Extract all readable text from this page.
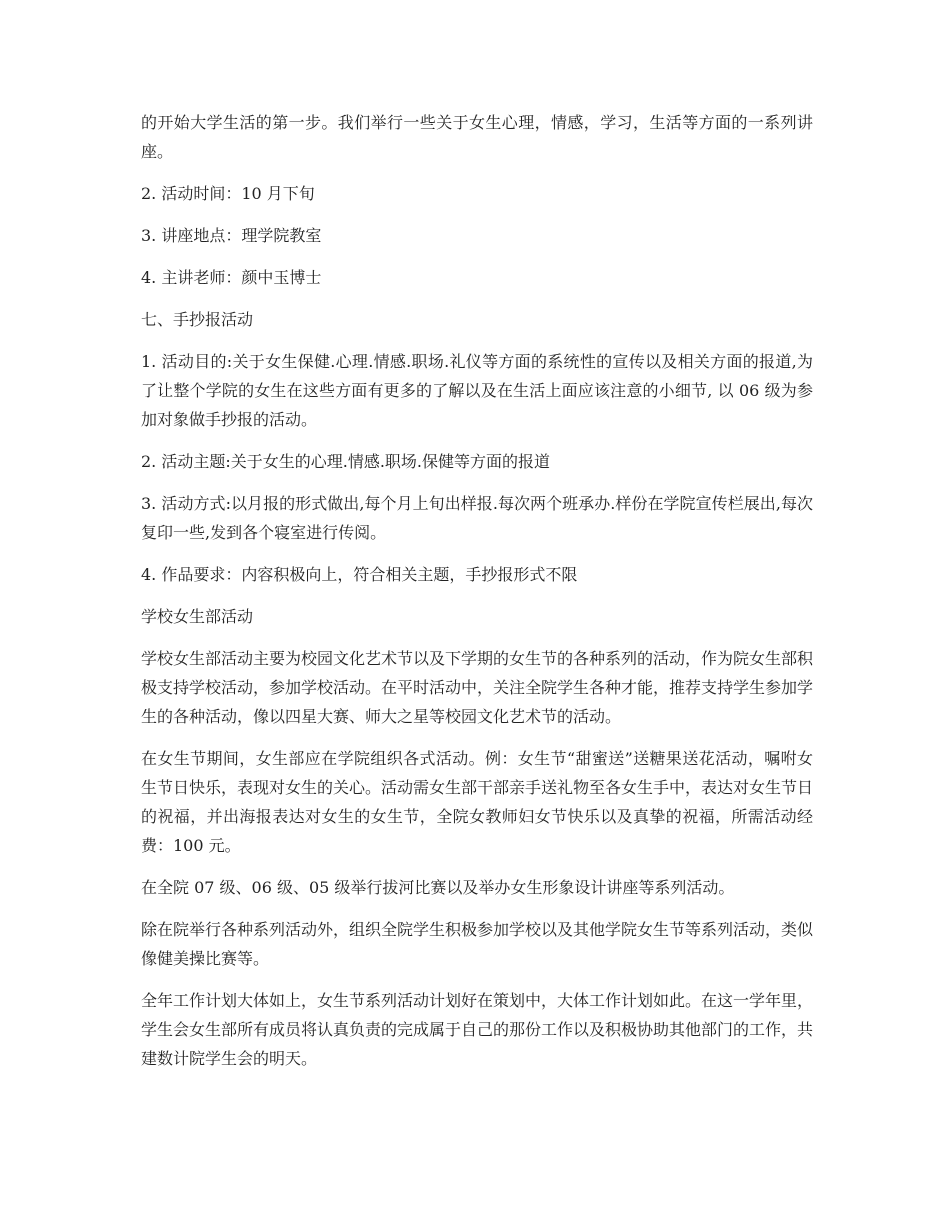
的开始大学生活的第一步。我们举行一些关于女生心理，情感，学习，生活等方面的一系列讲座。

2. 活动时间：10 月下旬

3. 讲座地点：理学院教室

4. 主讲老师：颜中玉博士

七、手抄报活动

1. 活动目的:关于女生保健.心理.情感.职场.礼仪等方面的系统性的宣传以及相关方面的报道,为了让整个学院的女生在这些方面有更多的了解以及在生活上面应该注意的小细节, 以 06 级为参加对象做手抄报的活动。

2. 活动主题:关于女生的心理.情感.职场.保健等方面的报道

3. 活动方式:以月报的形式做出,每个月上旬出样报.每次两个班承办.样份在学院宣传栏展出,每次复印一些,发到各个寝室进行传阅。

4. 作品要求：内容积极向上，符合相关主题，手抄报形式不限

学校女生部活动

学校女生部活动主要为校园文化艺术节以及下学期的女生节的各种系列的活动，作为院女生部积极支持学校活动，参加学校活动。在平时活动中，关注全院学生各种才能，推荐支持学生参加学生的各种活动，像以四星大赛、师大之星等校园文化艺术节的活动。

在女生节期间，女生部应在学院组织各式活动。例：女生节“甜蜜送”送糖果送花活动，嘱咐女生节日快乐，表现对女生的关心。活动需女生部干部亲手送礼物至各女生手中，表达对女生节日的祝福，并出海报表达对女生的女生节，全院女教师妇女节快乐以及真挚的祝福，所需活动经费：100 元。

在全院 07 级、06 级、05 级举行拔河比赛以及举办女生形象设计讲座等系列活动。

除在院举行各种系列活动外，组织全院学生积极参加学校以及其他学院女生节等系列活动，类似像健美操比赛等。

全年工作计划大体如上，女生节系列活动计划好在策划中，大体工作计划如此。在这一学年里，学生会女生部所有成员将认真负责的完成属于自己的那份工作以及积极协助其他部门的工作，共建数计院学生会的明天。
